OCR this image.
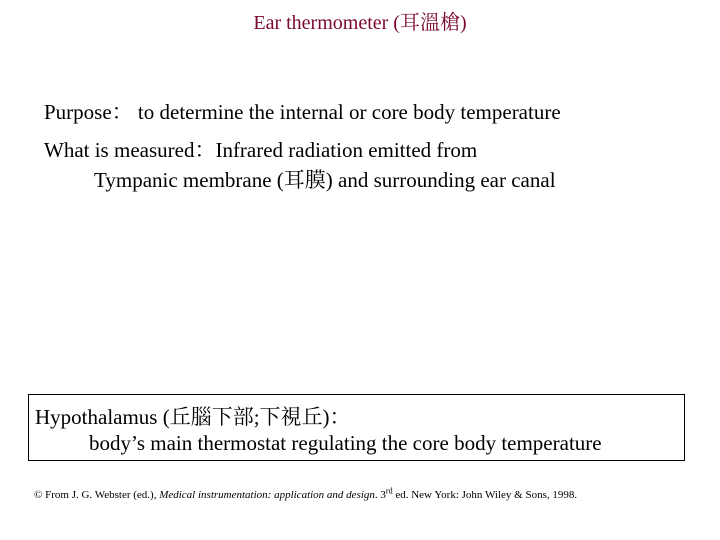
Ear thermometer (耳溫槍)
Purpose： to determine the internal or core body temperature
What is measured：Infrared radiation emitted from
Tympanic membrane (耳膜) and surrounding ear canal
Hypothalamus (丘腦下部;下視丘)：
body’s main thermostat regulating the core body temperature
© From J. G. Webster (ed.), Medical instrumentation: application and design. 3rd ed. New York: John Wiley & Sons, 1998.
